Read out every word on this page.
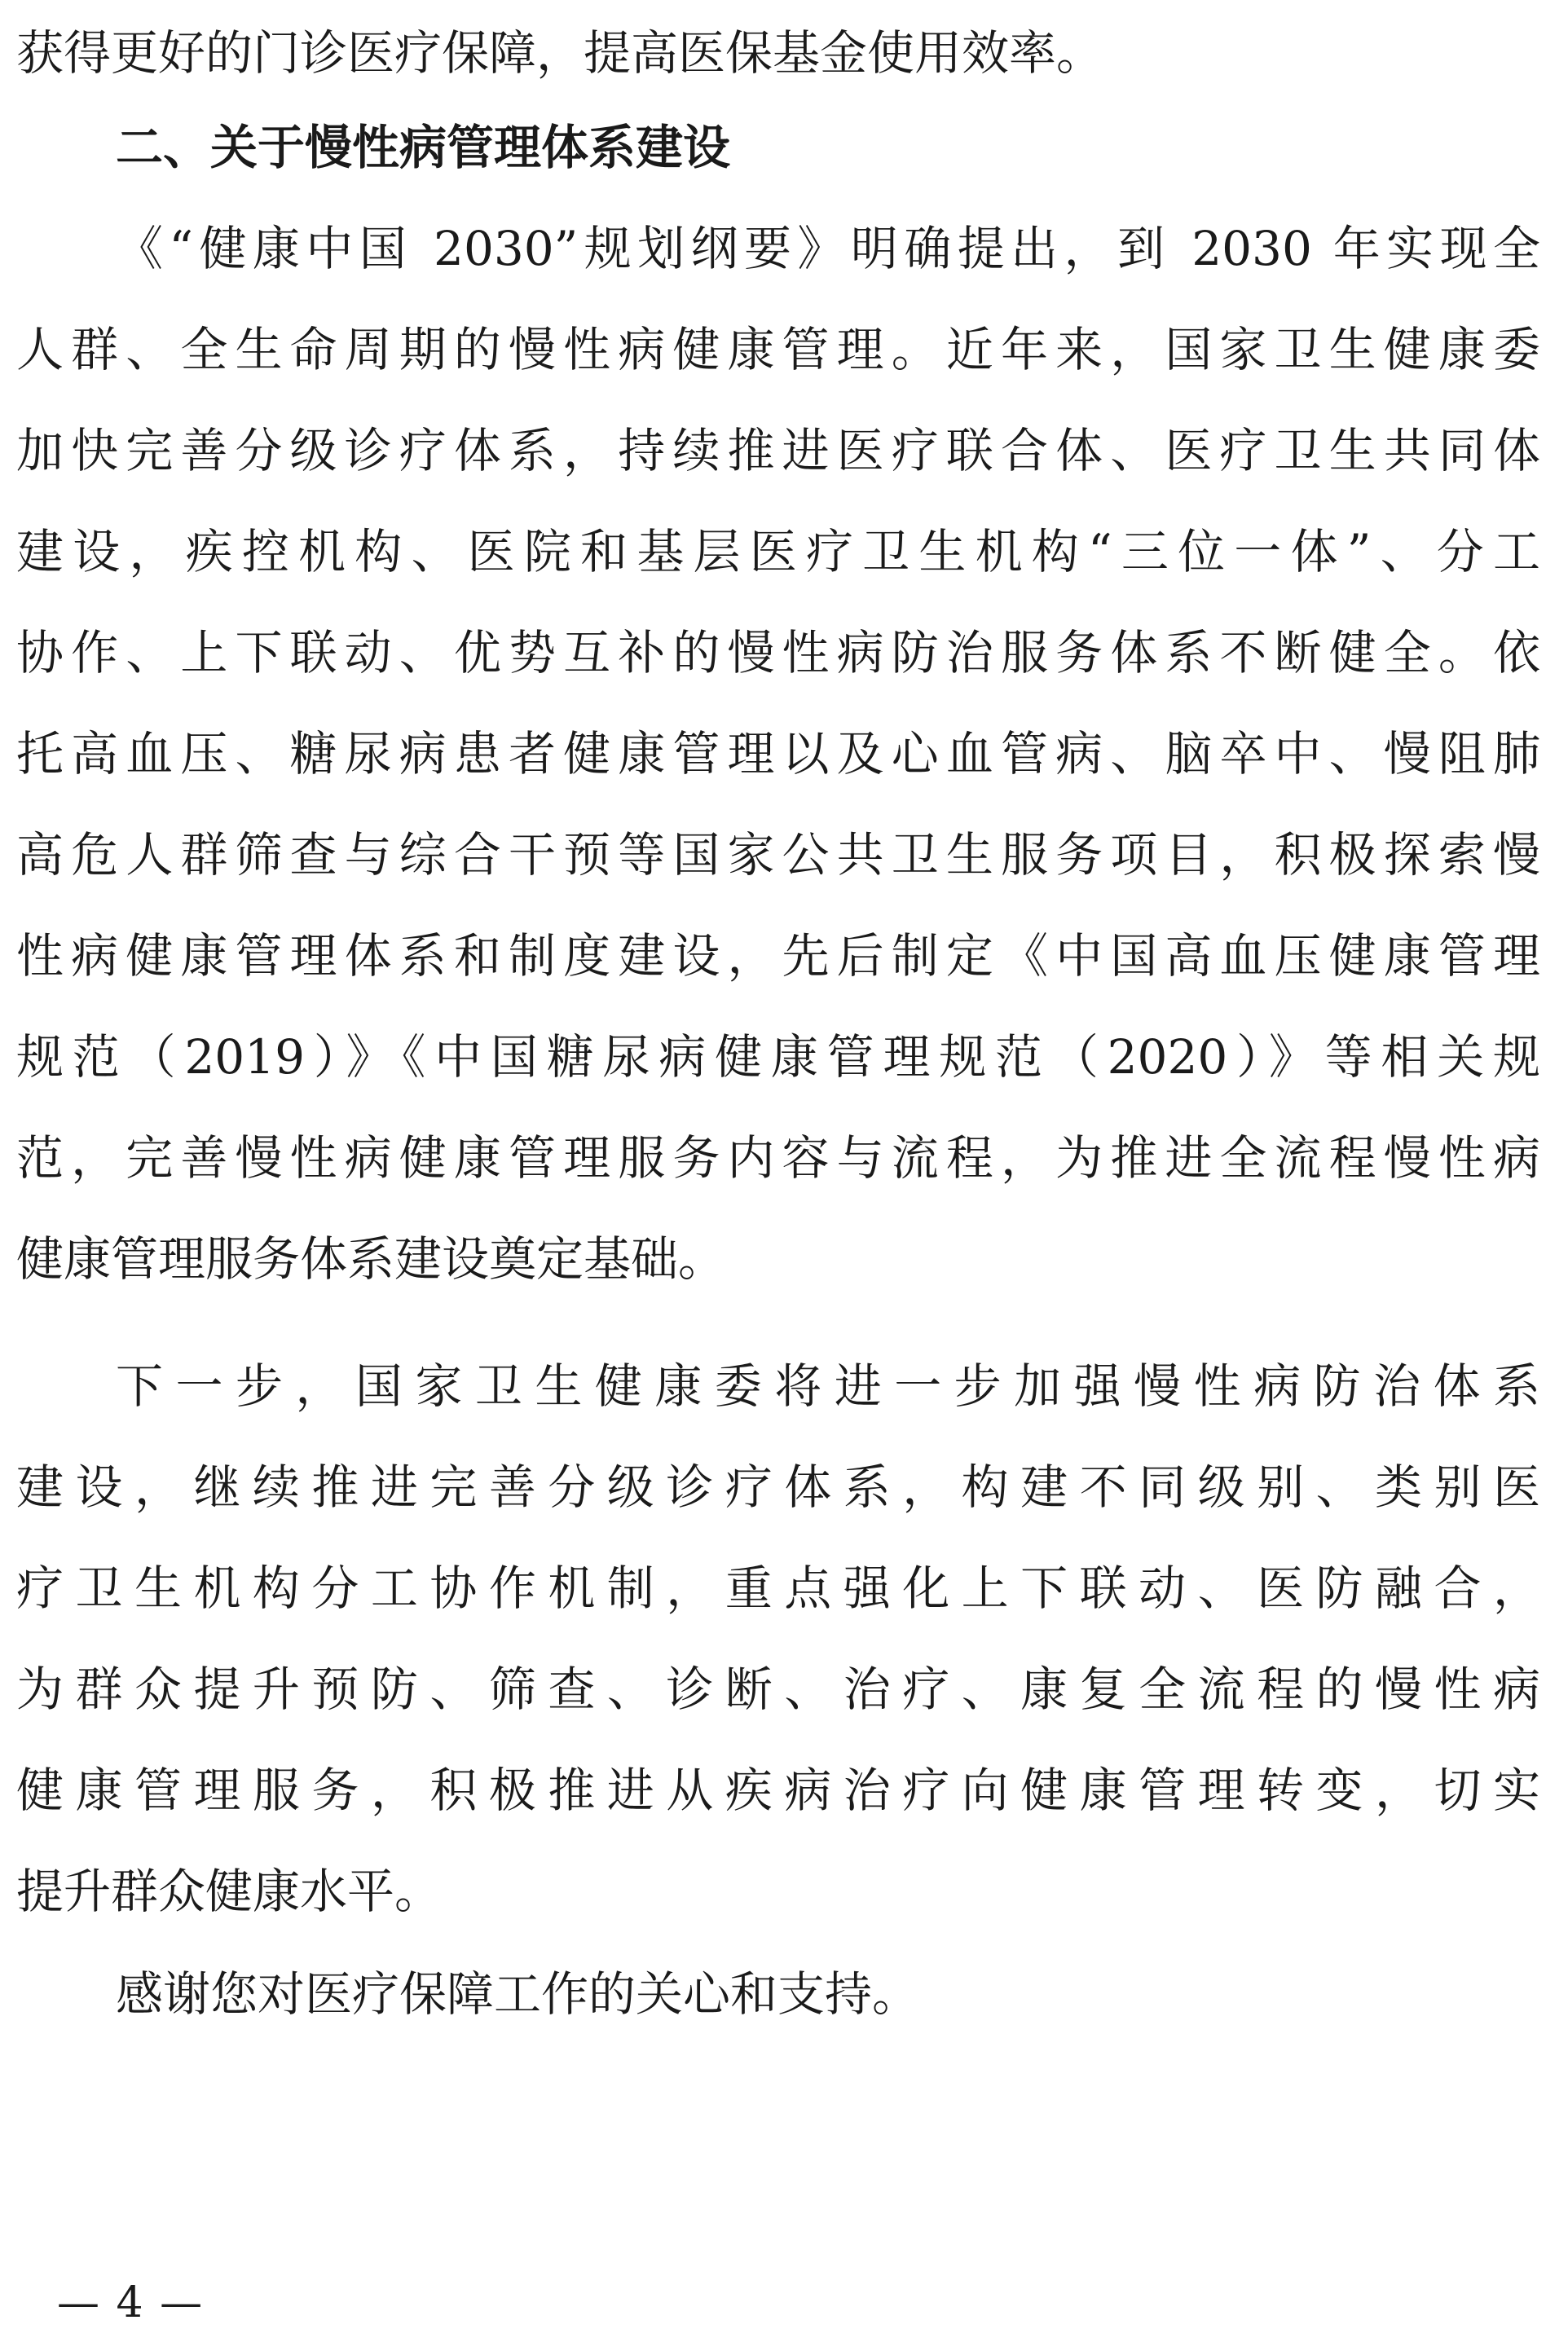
获得更好的门诊医疗保障，提高医保基金使用效率。
二、关于慢性病管理体系建设
《“健康中国 2030”规划纲要》明确提出，到 2030 年实现全
人群、全生命周期的慢性病健康管理。近年来，国家卫生健康委
加快完善分级诊疗体系，持续推进医疗联合体、医疗卫生共同体
建设，疾控机构、医院和基层医疗卫生机构“三位一体”、分工
协作、上下联动、优势互补的慢性病防治服务体系不断健全。依
托高血压、糖尿病患者健康管理以及心血管病、脑卒中、慢阻肺
高危人群筛查与综合干预等国家公共卫生服务项目，积极探索慢
性病健康管理体系和制度建设，先后制定《中国高血压健康管理
规范（2019）》《中国糖尿病健康管理规范（2020）》等相关规
范，完善慢性病健康管理服务内容与流程，为推进全流程慢性病
健康管理服务体系建设奠定基础。
下一步，国家卫生健康委将进一步加强慢性病防治体系
建设，继续推进完善分级诊疗体系，构建不同级别、类别医
疗卫生机构分工协作机制，重点强化上下联动、医防融合，
为群众提升预防、筛查、诊断、治疗、康复全流程的慢性病
健康管理服务，积极推进从疾病治疗向健康管理转变，切实
提升群众健康水平。
感谢您对医疗保障工作的关心和支持。
— 4 —
